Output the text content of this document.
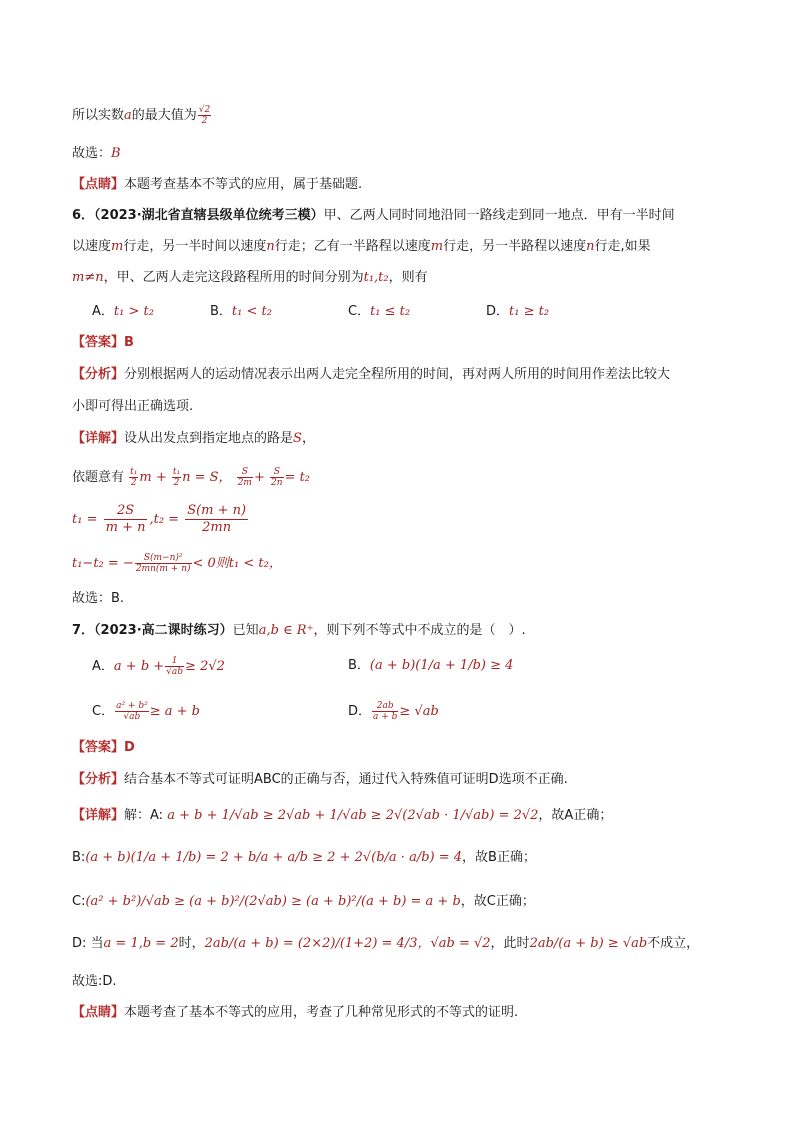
所以实数a的最大值为 $\frac{√2}{2}$
故选：B
【点睛】本题考查基本不等式的应用，属于基础题.
6．（2023·湖北省直辖县级单位统考三模）甲、乙两人同时同地沿同一路线走到同一地点．甲有一半时间
以速度m行走，另一半时间以速度n行走；乙有一半路程以速度m行走，另一半路程以速度n行走,如果
m≠n，甲、乙两人走完这段路程所用的时间分别为t₁,t₂，则有
A．t₁ > t₂	B．t₁ < t₂	C．t₁ ≤ t₂	D．t₁ ≥ t₂
【答案】B
【分析】分别根据两人的运动情况表示出两人走完全程所用的时间，再对两人所用的时间用作差法比较大
小即可得出正确选项.
【详解】设从出发点到指定地点的路是S，
依题意有 $\frac{\text{t₁}}{2}$ $m + \frac{\text{t₁}}{2}$ n = S， $\frac{S}{2m} + \frac{S}{2n} = t_2$
$t_1 = \frac{2S}{m + n} ,t_2 = \frac{S(m + n)}{2mn}$
t₁−t₂ = − $\frac{\text{S(m−n)²}}{2mn(m + n)} < 0$则t₁ < t₂，
故选：B.
7．（2023·高二课时练习）已知a,b ∈ R⁺，则下列不等式中不成立的是（　）.
A．$a + b + \frac{1}{√ab} \ge 2√2$	B．(a + b)(1/a + 1/b) ≥ 4
C． $\frac{\text{a² + b²}}{√ab} \ge a + b$	D． $\frac{2ab}{a + b} \ge √ab$
【答案】D
【分析】结合基本不等式可证明ABC的正确与否，通过代入特殊值可证明D选项不正确.
【详解】解：A: a + b + 1/√ab ≥ 2√ab + 1/√ab ≥ 2√(2√ab · 1/√ab) = 2√2，故A正确；
B:(a + b)(1/a + 1/b) = 2 + b/a + a/b ≥ 2 + 2√(b/a · a/b) = 4，故B正确；
C:(a² + b²)/√ab ≥ (a + b)²/(2√ab) ≥ (a + b)²/(a + b) = a + b，故C正确；
D: 当a = 1,b = 2时，2ab/(a + b) = (2×2)/(1+2) = 4/3，√ab = √2，此时2ab/(a + b) ≥ √ab不成立，
故选:D.
【点睛】本题考查了基本不等式的应用，考查了几种常见形式的不等式的证明.
